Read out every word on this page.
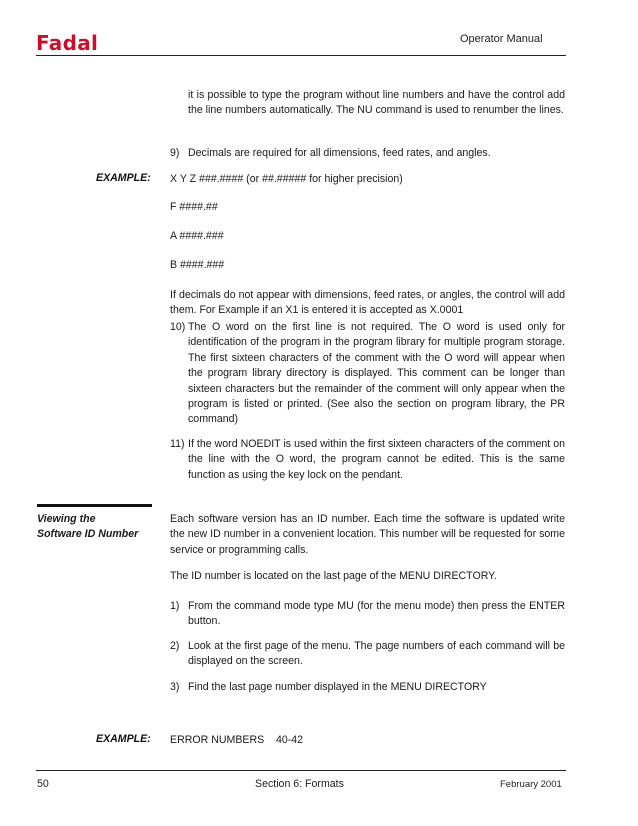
Fadal	Operator Manual
it is possible to type the program without line numbers and have the control add the line numbers automatically. The NU command is used to renumber the lines.
9) Decimals are required for all dimensions, feed rates, and angles.
EXAMPLE: X Y Z ###.#### (or ##.##### for higher precision)
F ####.##
A ####.###
B ####.###
If decimals do not appear with dimensions, feed rates, or angles, the control will add them. For Example if an X1 is entered it is accepted as X.0001
10) The O word on the first line is not required. The O word is used only for identification of the program in the program library for multiple program storage. The first sixteen characters of the comment with the O word will appear when the program library directory is displayed. This comment can be longer than sixteen characters but the remainder of the comment will only appear when the program is listed or printed. (See also the section on program library, the PR command)
11) If the word NOEDIT is used within the first sixteen characters of the comment on the line with the O word, the program cannot be edited. This is the same function as using the key lock on the pendant.
Viewing the
Software ID Number
Each software version has an ID number. Each time the software is updated write the new ID number in a convenient location. This number will be requested for some service or programming calls.
The ID number is located on the last page of the MENU DIRECTORY.
1) From the command mode type MU (for the menu mode) then press the ENTER button.
2) Look at the first page of the menu. The page numbers of each command will be displayed on the screen.
3) Find the last page number displayed in the MENU DIRECTORY
EXAMPLE: ERROR NUMBERS    40-42
50	Section 6: Formats	February 2001
